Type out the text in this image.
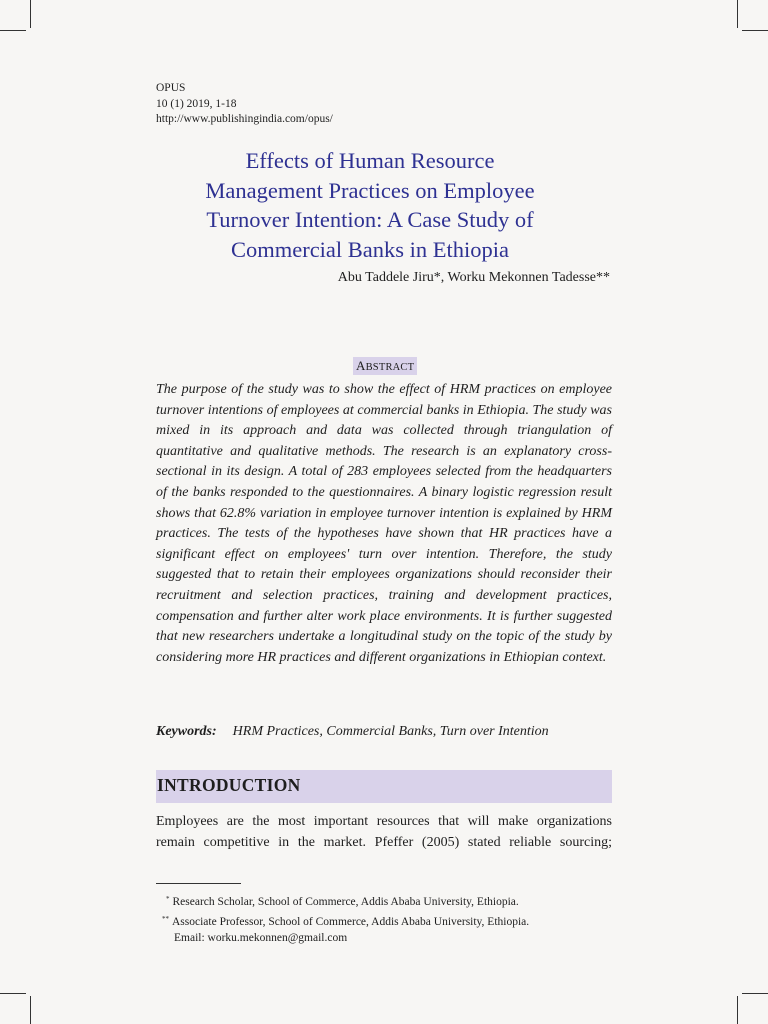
OPUS
10 (1) 2019, 1-18
http://www.publishingindia.com/opus/
Effects of Human Resource
Management Practices on Employee
Turnover Intention: A Case Study of
Commercial Banks in Ethiopia
Abu Taddele Jiru*, Worku Mekonnen Tadesse**
ABSTRACT
The purpose of the study was to show the effect of HRM practices on employee turnover intentions of employees at commercial banks in Ethiopia. The study was mixed in its approach and data was collected through triangulation of quantitative and qualitative methods. The research is an explanatory cross-sectional in its design. A total of 283 employees selected from the headquarters of the banks responded to the questionnaires. A binary logistic regression result shows that 62.8% variation in employee turnover intention is explained by HRM practices. The tests of the hypotheses have shown that HR practices have a significant effect on employees' turn over intention. Therefore, the study suggested that to retain their employees organizations should reconsider their recruitment and selection practices, training and development practices, compensation and further alter work place environments. It is further suggested that new researchers undertake a longitudinal study on the topic of the study by considering more HR practices and different organizations in Ethiopian context.
Keywords: HRM Practices, Commercial Banks, Turn over Intention
INTRODUCTION
Employees are the most important resources that will make organizations
remain competitive in the market. Pfeffer (2005) stated reliable sourcing;
* Research Scholar, School of Commerce, Addis Ababa University, Ethiopia.
** Associate Professor, School of Commerce, Addis Ababa University, Ethiopia.
Email: worku.mekonnen@gmail.com
